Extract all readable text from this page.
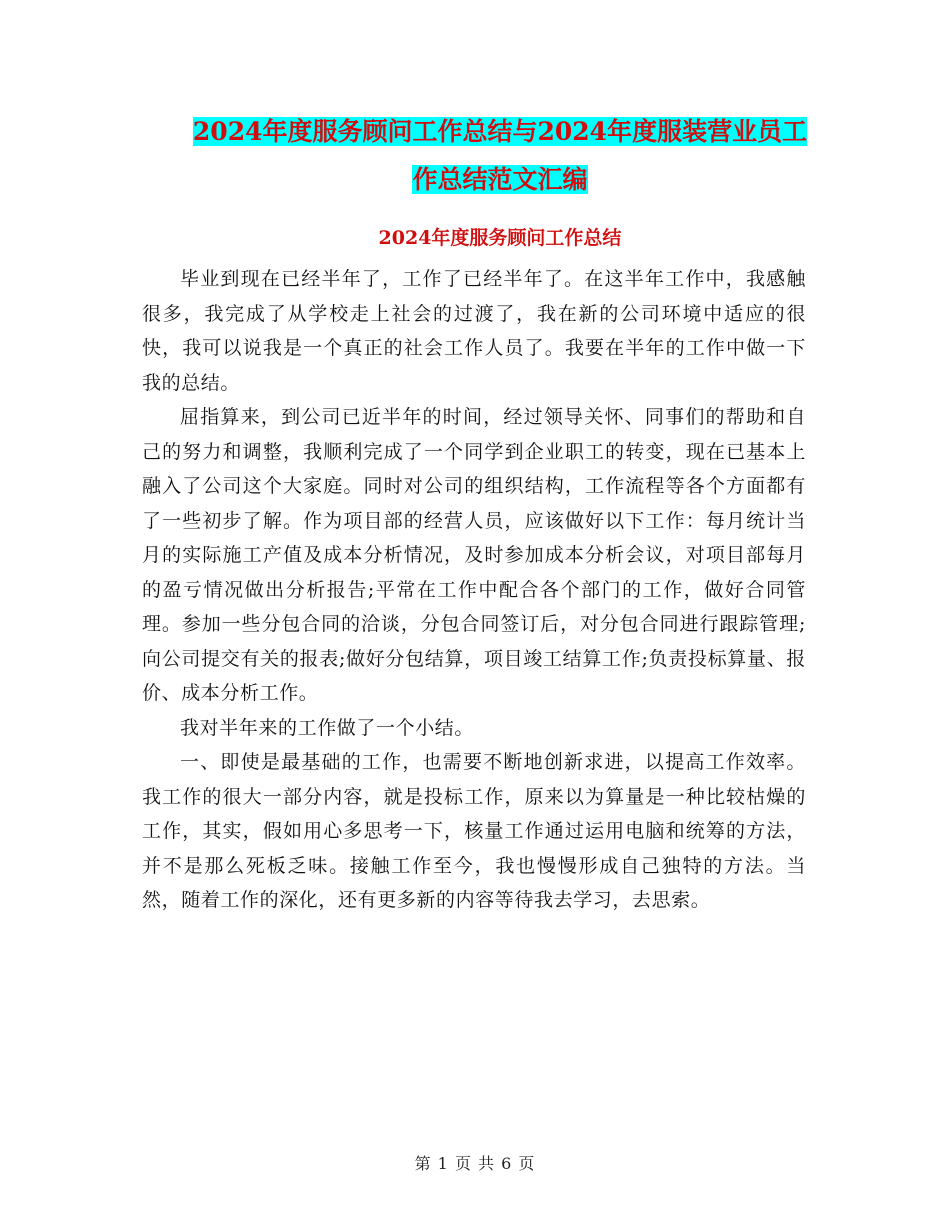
2024年度服务顾问工作总结与2024年度服装营业员工
作总结范文汇编
2024年度服务顾问工作总结

毕业到现在已经半年了，工作了已经半年了。在这半年工作中，我感触很多，我完成了从学校走上社会的过渡了，我在新的公司环境中适应的很快，我可以说我是一个真正的社会工作人员了。我要在半年的工作中做一下我的总结。

屈指算来，到公司已近半年的时间，经过领导关怀、同事们的帮助和自己的努力和调整，我顺利完成了一个同学到企业职工的转变，现在已基本上融入了公司这个大家庭。同时对公司的组织结构，工作流程等各个方面都有了一些初步了解。作为项目部的经营人员，应该做好以下工作：每月统计当月的实际施工产值及成本分析情况，及时参加成本分析会议，对项目部每月的盈亏情况做出分析报告;平常在工作中配合各个部门的工作，做好合同管理。参加一些分包合同的洽谈，分包合同签订后，对分包合同进行跟踪管理;向公司提交有关的报表;做好分包结算，项目竣工结算工作;负责投标算量、报价、成本分析工作。

我对半年来的工作做了一个小结。

一、即使是最基础的工作，也需要不断地创新求进，以提高工作效率。我工作的很大一部分内容，就是投标工作，原来以为算量是一种比较枯燥的工作，其实，假如用心多思考一下，核量工作通过运用电脑和统筹的方法，并不是那么死板乏味。接触工作至今，我也慢慢形成自己独特的方法。当然，随着工作的深化，还有更多新的内容等待我去学习，去思索。

第 1 页 共 6 页
